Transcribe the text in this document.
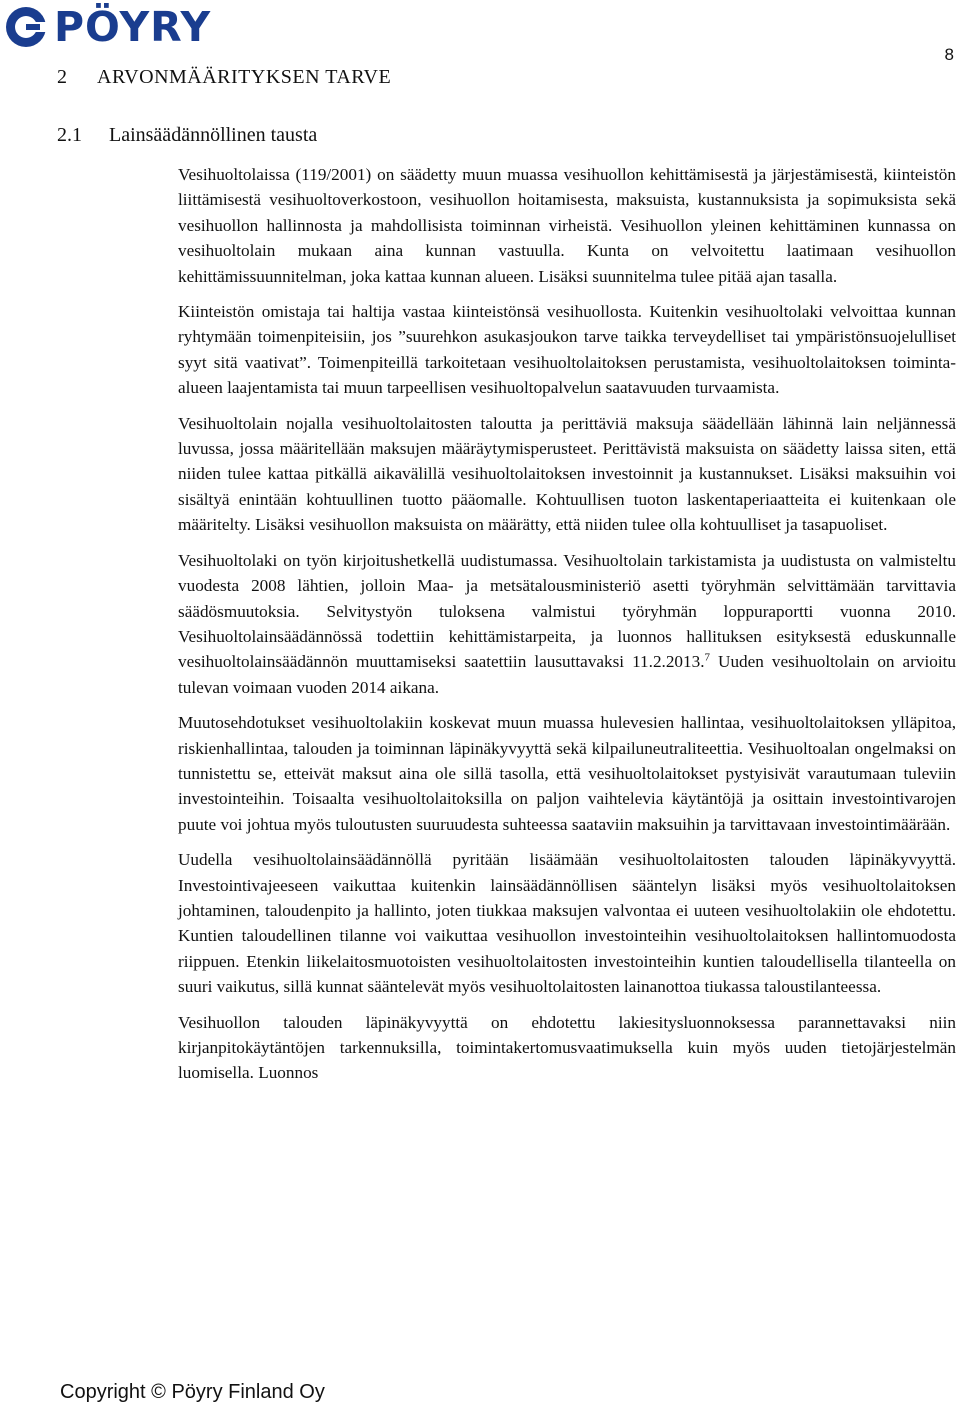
PÖYRY
8
2 ARVONMÄÄRITYKSEN TARVE
2.1 Lainsäädännöllinen tausta

Vesihuoltolaissa (119/2001) on säädetty muun muassa vesihuollon kehittämisestä ja järjestämisestä, kiinteistön liittämisestä vesihuoltoverkostoon, vesihuollon hoitamisesta, maksuista, kustannuksista ja sopimuksista sekä vesihuollon hallinnosta ja mahdollisista toiminnan virheistä. Vesihuollon yleinen kehittäminen kunnassa on vesihuoltolain mukaan aina kunnan vastuulla. Kunta on velvoitettu laatimaan vesihuollon kehittämissuunnitelman, joka kattaa kunnan alueen. Lisäksi suunnitelma tulee pitää ajan tasalla.

Kiinteistön omistaja tai haltija vastaa kiinteistönsä vesihuollosta. Kuitenkin vesihuoltolaki velvoittaa kunnan ryhtymään toimenpiteisiin, jos ”suurehkon asukasjoukon tarve taikka terveydelliset tai ympäristönsuojelulliset syyt sitä vaativat”. Toimenpiteillä tarkoitetaan vesihuoltolaitoksen perustamista, vesihuoltolaitoksen toiminta-alueen laajentamista tai muun tarpeellisen vesihuoltopalvelun saatavuuden turvaamista.

Vesihuoltolain nojalla vesihuoltolaitosten taloutta ja perittäviä maksuja säädellään lähinnä lain neljännessä luvussa, jossa määritellään maksujen määräytymisperusteet. Perittävistä maksuista on säädetty laissa siten, että niiden tulee kattaa pitkällä aikavälillä vesihuoltolaitoksen investoinnit ja kustannukset. Lisäksi maksuihin voi sisältyä enintään kohtuullinen tuotto pääomalle. Kohtuullisen tuoton laskentaperiaatteita ei kuitenkaan ole määritelty. Lisäksi vesihuollon maksuista on määrätty, että niiden tulee olla kohtuulliset ja tasapuoliset.

Vesihuoltolaki on työn kirjoitushetkellä uudistumassa. Vesihuoltolain tarkistamista ja uudistusta on valmisteltu vuodesta 2008 lähtien, jolloin Maa- ja metsätalousministeriö asetti työryhmän selvittämään tarvittavia säädösmuutoksia. Selvitystyön tuloksena valmistui työryhmän loppuraportti vuonna 2010. Vesihuoltolainsäädännössä todettiin kehittämistarpeita, ja luonnos hallituksen esityksestä eduskunnalle vesihuoltolainsäädännön muuttamiseksi saatettiin lausuttavaksi 11.2.2013.$^7$ Uuden vesihuoltolain on arvioitu tulevan voimaan vuoden 2014 aikana.

Muutosehdotukset vesihuoltolakiin koskevat muun muassa hulevesien hallintaa, vesihuoltolaitoksen ylläpitoa, riskienhallintaa, talouden ja toiminnan läpinäkyvyyttä sekä kilpailuneutraliteettia. Vesihuoltoalan ongelmaksi on tunnistettu se, etteivät maksut aina ole sillä tasolla, että vesihuoltolaitokset pystyisivät varautumaan tuleviin investointeihin. Toisaalta vesihuoltolaitoksilla on paljon vaihtelevia käytäntöjä ja osittain investointivarojen puute voi johtua myös tuloutusten suuruudesta suhteessa saataviin maksuihin ja tarvittavaan investointimäärään.

Uudella vesihuoltolainsäädännöllä pyritään lisäämään vesihuoltolaitosten talouden läpinäkyvyyttä. Investointivajeeseen vaikuttaa kuitenkin lainsäädännöllisen sääntelyn lisäksi myös vesihuoltolaitoksen johtaminen, taloudenpito ja hallinto, joten tiukkaa maksujen valvontaa ei uuteen vesihuoltolakiin ole ehdotettu. Kuntien taloudellinen tilanne voi vaikuttaa vesihuollon investointeihin vesihuoltolaitoksen hallintomuodosta riippuen. Etenkin liikelaitosmuotoisten vesihuoltolaitosten investointeihin kuntien taloudellisella tilanteella on suuri vaikutus, sillä kunnat sääntelevät myös vesihuoltolaitosten lainanottoa tiukassa taloustilanteessa.

Vesihuollon talouden läpinäkyvyyttä on ehdotettu lakiesitysluonnoksessa parannettavaksi niin kirjanpitokäytäntöjen tarkennuksilla, toimintakertomusvaatimuksella kuin myös uuden tietojärjestelmän luomisella. Luonnos

Copyright © Pöyry Finland Oy
